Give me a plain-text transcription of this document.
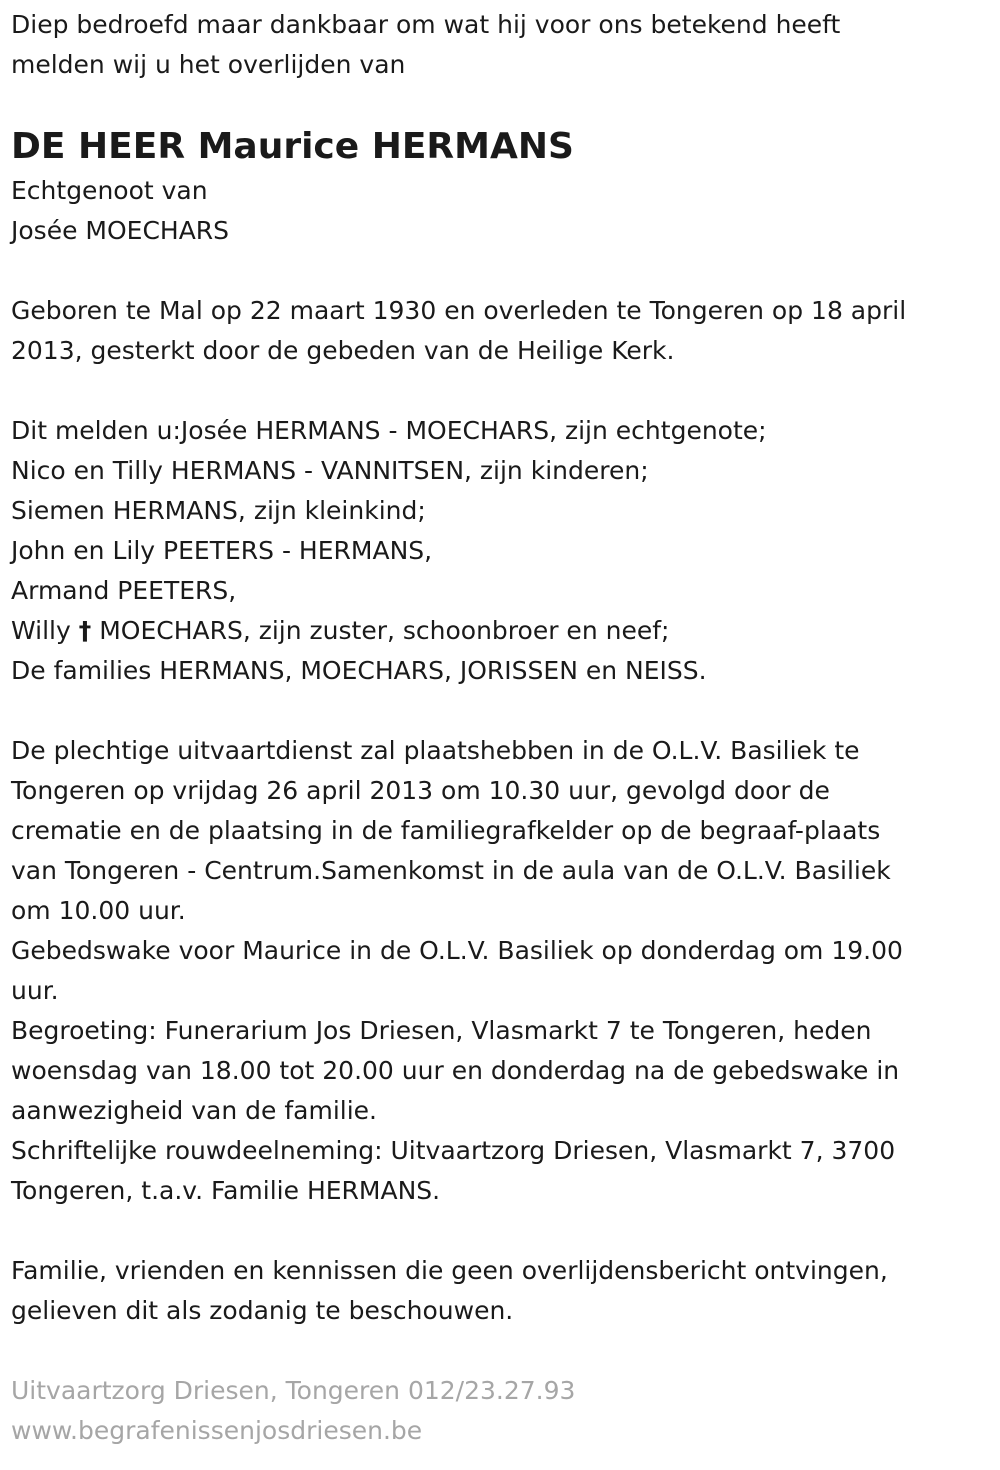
Diep bedroefd maar dankbaar om wat hij voor ons betekend heeft
melden wij u het overlijden van
DE HEER Maurice HERMANS
Echtgenoot van
Josée MOECHARS
Geboren te Mal op 22 maart 1930 en overleden te Tongeren op 18 april
2013, gesterkt door de gebeden van de Heilige Kerk.
Dit melden u:Josée HERMANS - MOECHARS, zijn echtgenote;
Nico en Tilly HERMANS - VANNITSEN, zijn kinderen;
Siemen HERMANS, zijn kleinkind;
John en Lily PEETERS - HERMANS,
Armand PEETERS,
Willy † MOECHARS, zijn zuster, schoonbroer en neef;
De families HERMANS, MOECHARS, JORISSEN en NEISS.
De plechtige uitvaartdienst zal plaatshebben in de O.L.V. Basiliek te
Tongeren op vrijdag 26 april 2013 om 10.30 uur, gevolgd door de
crematie en de plaatsing in de familiegrafkelder op de begraaf-plaats
van Tongeren - Centrum.Samenkomst in de aula van de O.L.V. Basiliek
om 10.00 uur.
Gebedswake voor Maurice in de O.L.V. Basiliek op donderdag om 19.00
uur.
Begroeting: Funerarium Jos Driesen, Vlasmarkt 7 te Tongeren, heden
woensdag van 18.00 tot 20.00 uur en donderdag na de gebedswake in
aanwezigheid van de familie.
Schriftelijke rouwdeelneming: Uitvaartzorg Driesen, Vlasmarkt 7, 3700
Tongeren, t.a.v. Familie HERMANS.
Familie, vrienden en kennissen die geen overlijdensbericht ontvingen,
gelieven dit als zodanig te beschouwen.
Uitvaartzorg Driesen, Tongeren 012/23.27.93
www.begrafenissenjosdriesen.be
